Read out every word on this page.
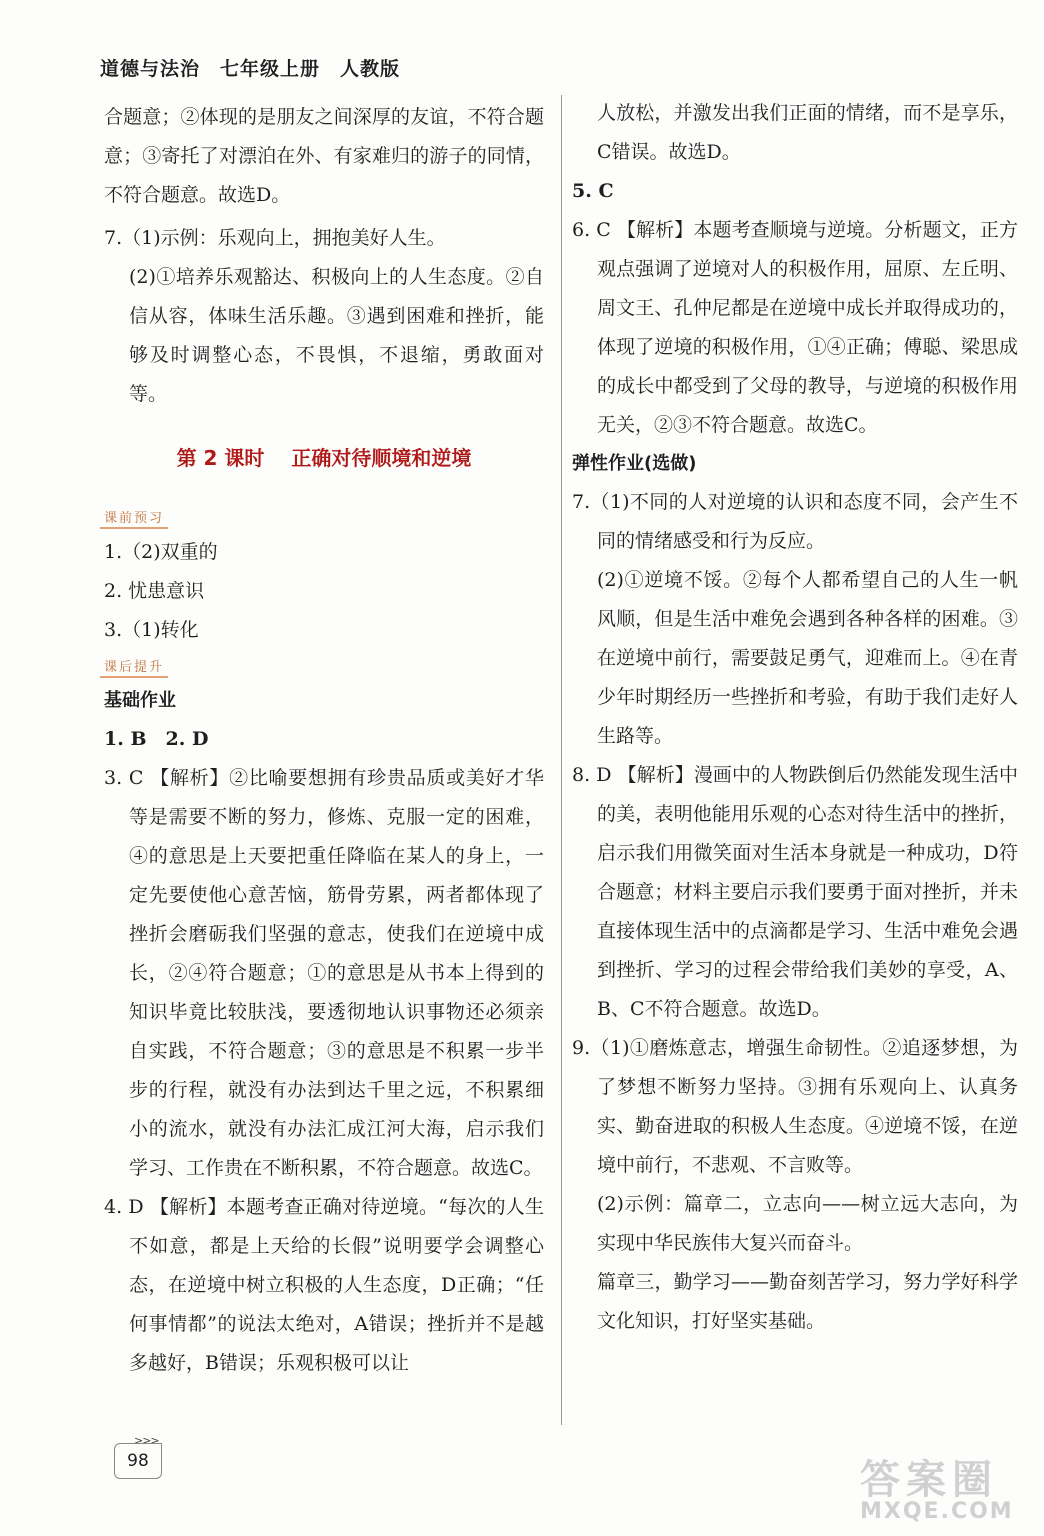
道德与法治　七年级上册　人教版

合题意；②体现的是朋友之间深厚的友谊，不符合题意；③寄托了对漂泊在外、有家难归的游子的同情，不符合题意。故选D。

7.（1)示例：乐观向上，拥抱美好人生。

(2)①培养乐观豁达、积极向上的人生态度。②自信从容，体味生活乐趣。③遇到困难和挫折，能够及时调整心态，不畏惧，不退缩，勇敢面对等。

第 2 课时　 正确对待顺境和逆境
课前预习

1.（2)双重的

2. 忧患意识

3.（1)转化

课后提升
基础作业

1. B　2. D

3. C 【解析】②比喻要想拥有珍贵品质或美好才华等是需要不断的努力，修炼、克服一定的困难，④的意思是上天要把重任降临在某人的身上，一定先要使他心意苦恼，筋骨劳累，两者都体现了挫折会磨砺我们坚强的意志，使我们在逆境中成长，②④符合题意；①的意思是从书本上得到的知识毕竟比较肤浅，要透彻地认识事物还必须亲自实践，不符合题意；③的意思是不积累一步半步的行程，就没有办法到达千里之远，不积累细小的流水，就没有办法汇成江河大海，启示我们学习、工作贵在不断积累，不符合题意。故选C。

4. D 【解析】本题考查正确对待逆境。“每次的人生不如意，都是上天给的长假”说明要学会调整心态，在逆境中树立积极的人生态度，D正确；“任何事情都”的说法太绝对，A错误；挫折并不是越多越好，B错误；乐观积极可以让

人放松，并激发出我们正面的情绪，而不是享乐，C错误。故选D。

5. C

6. C 【解析】本题考查顺境与逆境。分析题文，正方观点强调了逆境对人的积极作用，屈原、左丘明、周文王、孔仲尼都是在逆境中成长并取得成功的，体现了逆境的积极作用，①④正确；傅聪、梁思成的成长中都受到了父母的教导，与逆境的积极作用无关，②③不符合题意。故选C。

弹性作业(选做)

7.（1)不同的人对逆境的认识和态度不同，会产生不同的情绪感受和行为反应。

(2)①逆境不馁。②每个人都希望自己的人生一帆风顺，但是生活中难免会遇到各种各样的困难。③在逆境中前行，需要鼓足勇气，迎难而上。④在青少年时期经历一些挫折和考验，有助于我们走好人生路等。

8. D 【解析】漫画中的人物跌倒后仍然能发现生活中的美，表明他能用乐观的心态对待生活中的挫折，启示我们用微笑面对生活本身就是一种成功，D符合题意；材料主要启示我们要勇于面对挫折，并未直接体现生活中的点滴都是学习、生活中难免会遇到挫折、学习的过程会带给我们美妙的享受，A、B、C不符合题意。故选D。

9.（1)①磨炼意志，增强生命韧性。②追逐梦想，为了梦想不断努力坚持。③拥有乐观向上、认真务实、勤奋进取的积极人生态度。④逆境不馁，在逆境中前行，不悲观、不言败等。

(2)示例：篇章二，立志向——树立远大志向，为实现中华民族伟大复兴而奋斗。

篇章三，勤学习——勤奋刻苦学习，努力学好科学文化知识，打好坚实基础。

>>>
98	答案圈
MXQE.COM
